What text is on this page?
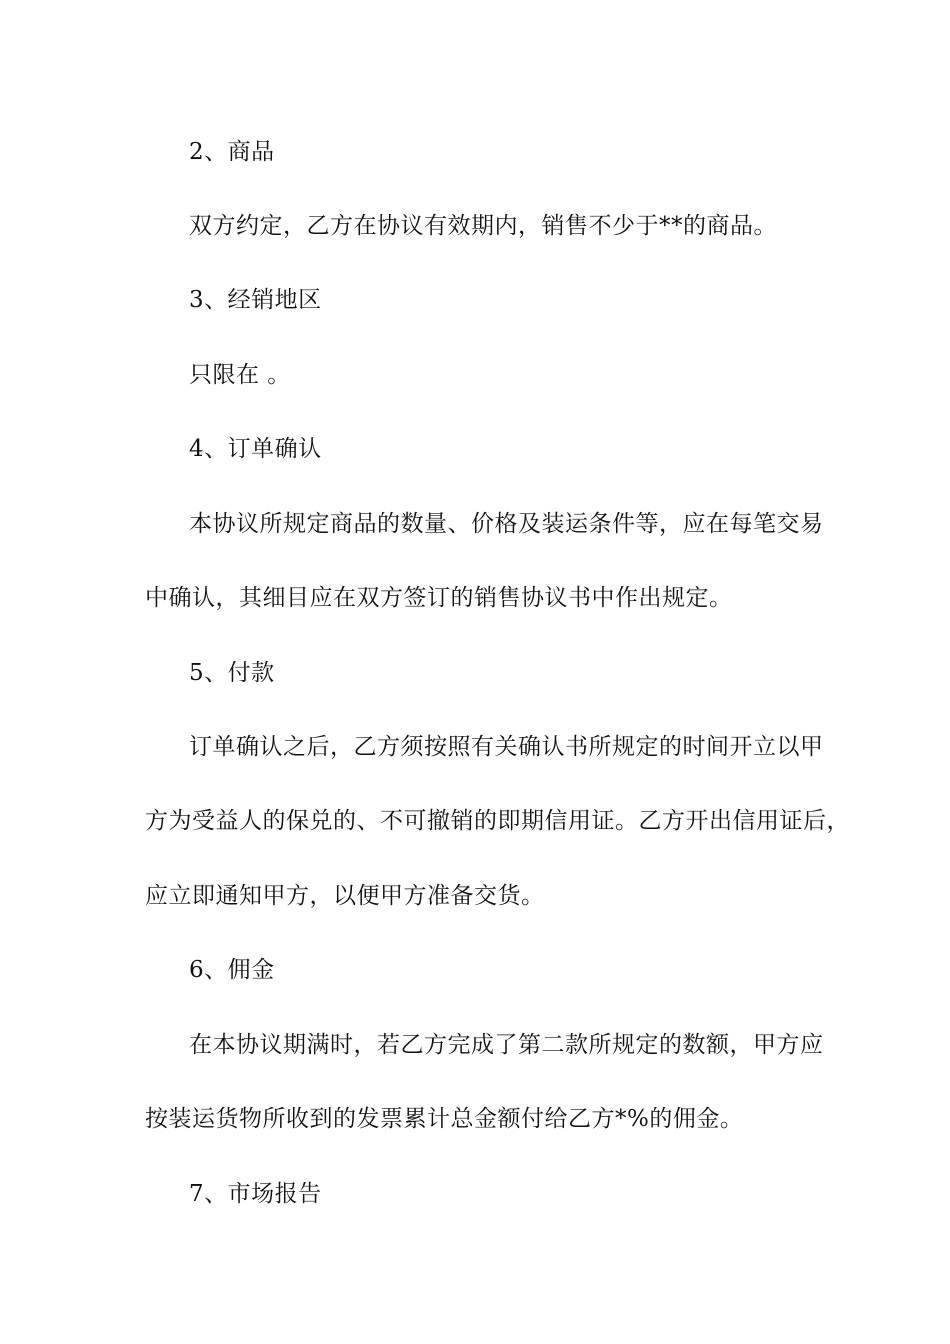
2、商品
双方约定，乙方在协议有效期内，销售不少于**的商品。
3、经销地区
只限在 。
4、订单确认
本协议所规定商品的数量、价格及装运条件等，应在每笔交易
中确认，其细目应在双方签订的销售协议书中作出规定。
5、付款
订单确认之后，乙方须按照有关确认书所规定的时间开立以甲
方为受益人的保兑的、不可撤销的即期信用证。乙方开出信用证后，
应立即通知甲方，以便甲方准备交货。
6、佣金
在本协议期满时，若乙方完成了第二款所规定的数额，甲方应
按装运货物所收到的发票累计总金额付给乙方*%的佣金。
7、市场报告
